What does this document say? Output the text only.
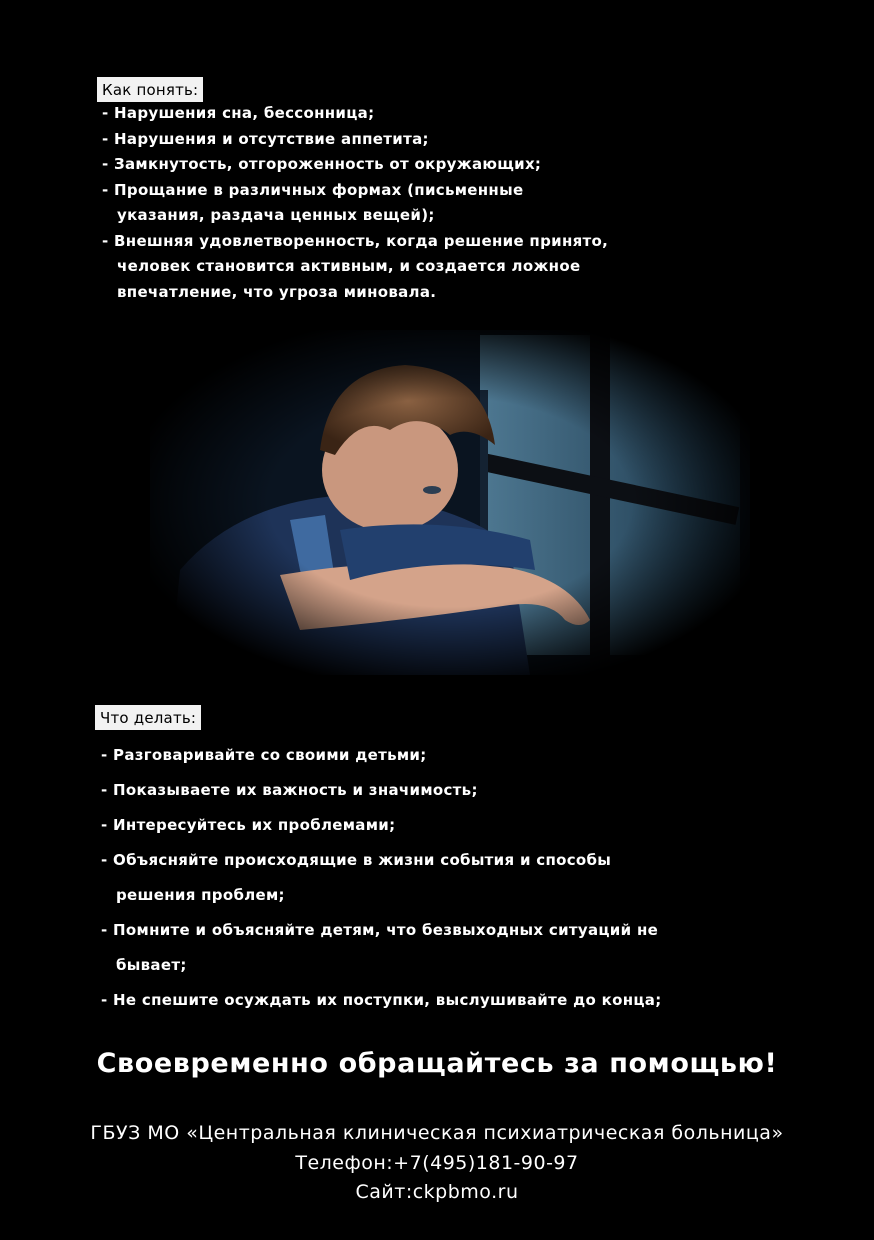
Как понять:
- Нарушения сна, бессонница;
- Нарушения и отсутствие аппетита;
- Замкнутость, отгороженность от окружающих;
- Прощание в различных формах (письменные указания, раздача ценных вещей);
- Внешняя удовлетворенность, когда решение принято, человек становится активным, и создается ложное впечатление, что угроза миновала.
Что делать:
- Разговаривайте со своими детьми;
- Показываете их важность и значимость;
- Интересуйтесь их проблемами;
- Объясняйте происходящие в жизни события и способы решения проблем;
- Помните и объясняйте детям, что безвыходных ситуаций не бывает;
- Не спешите осуждать их поступки, выслушивайте до конца;
Своевременно обращайтесь за помощью!
ГБУЗ МО «Центральная клиническая психиатрическая больница»
Телефон:+7(495)181-90-97
Сайт:ckpbmo.ru
